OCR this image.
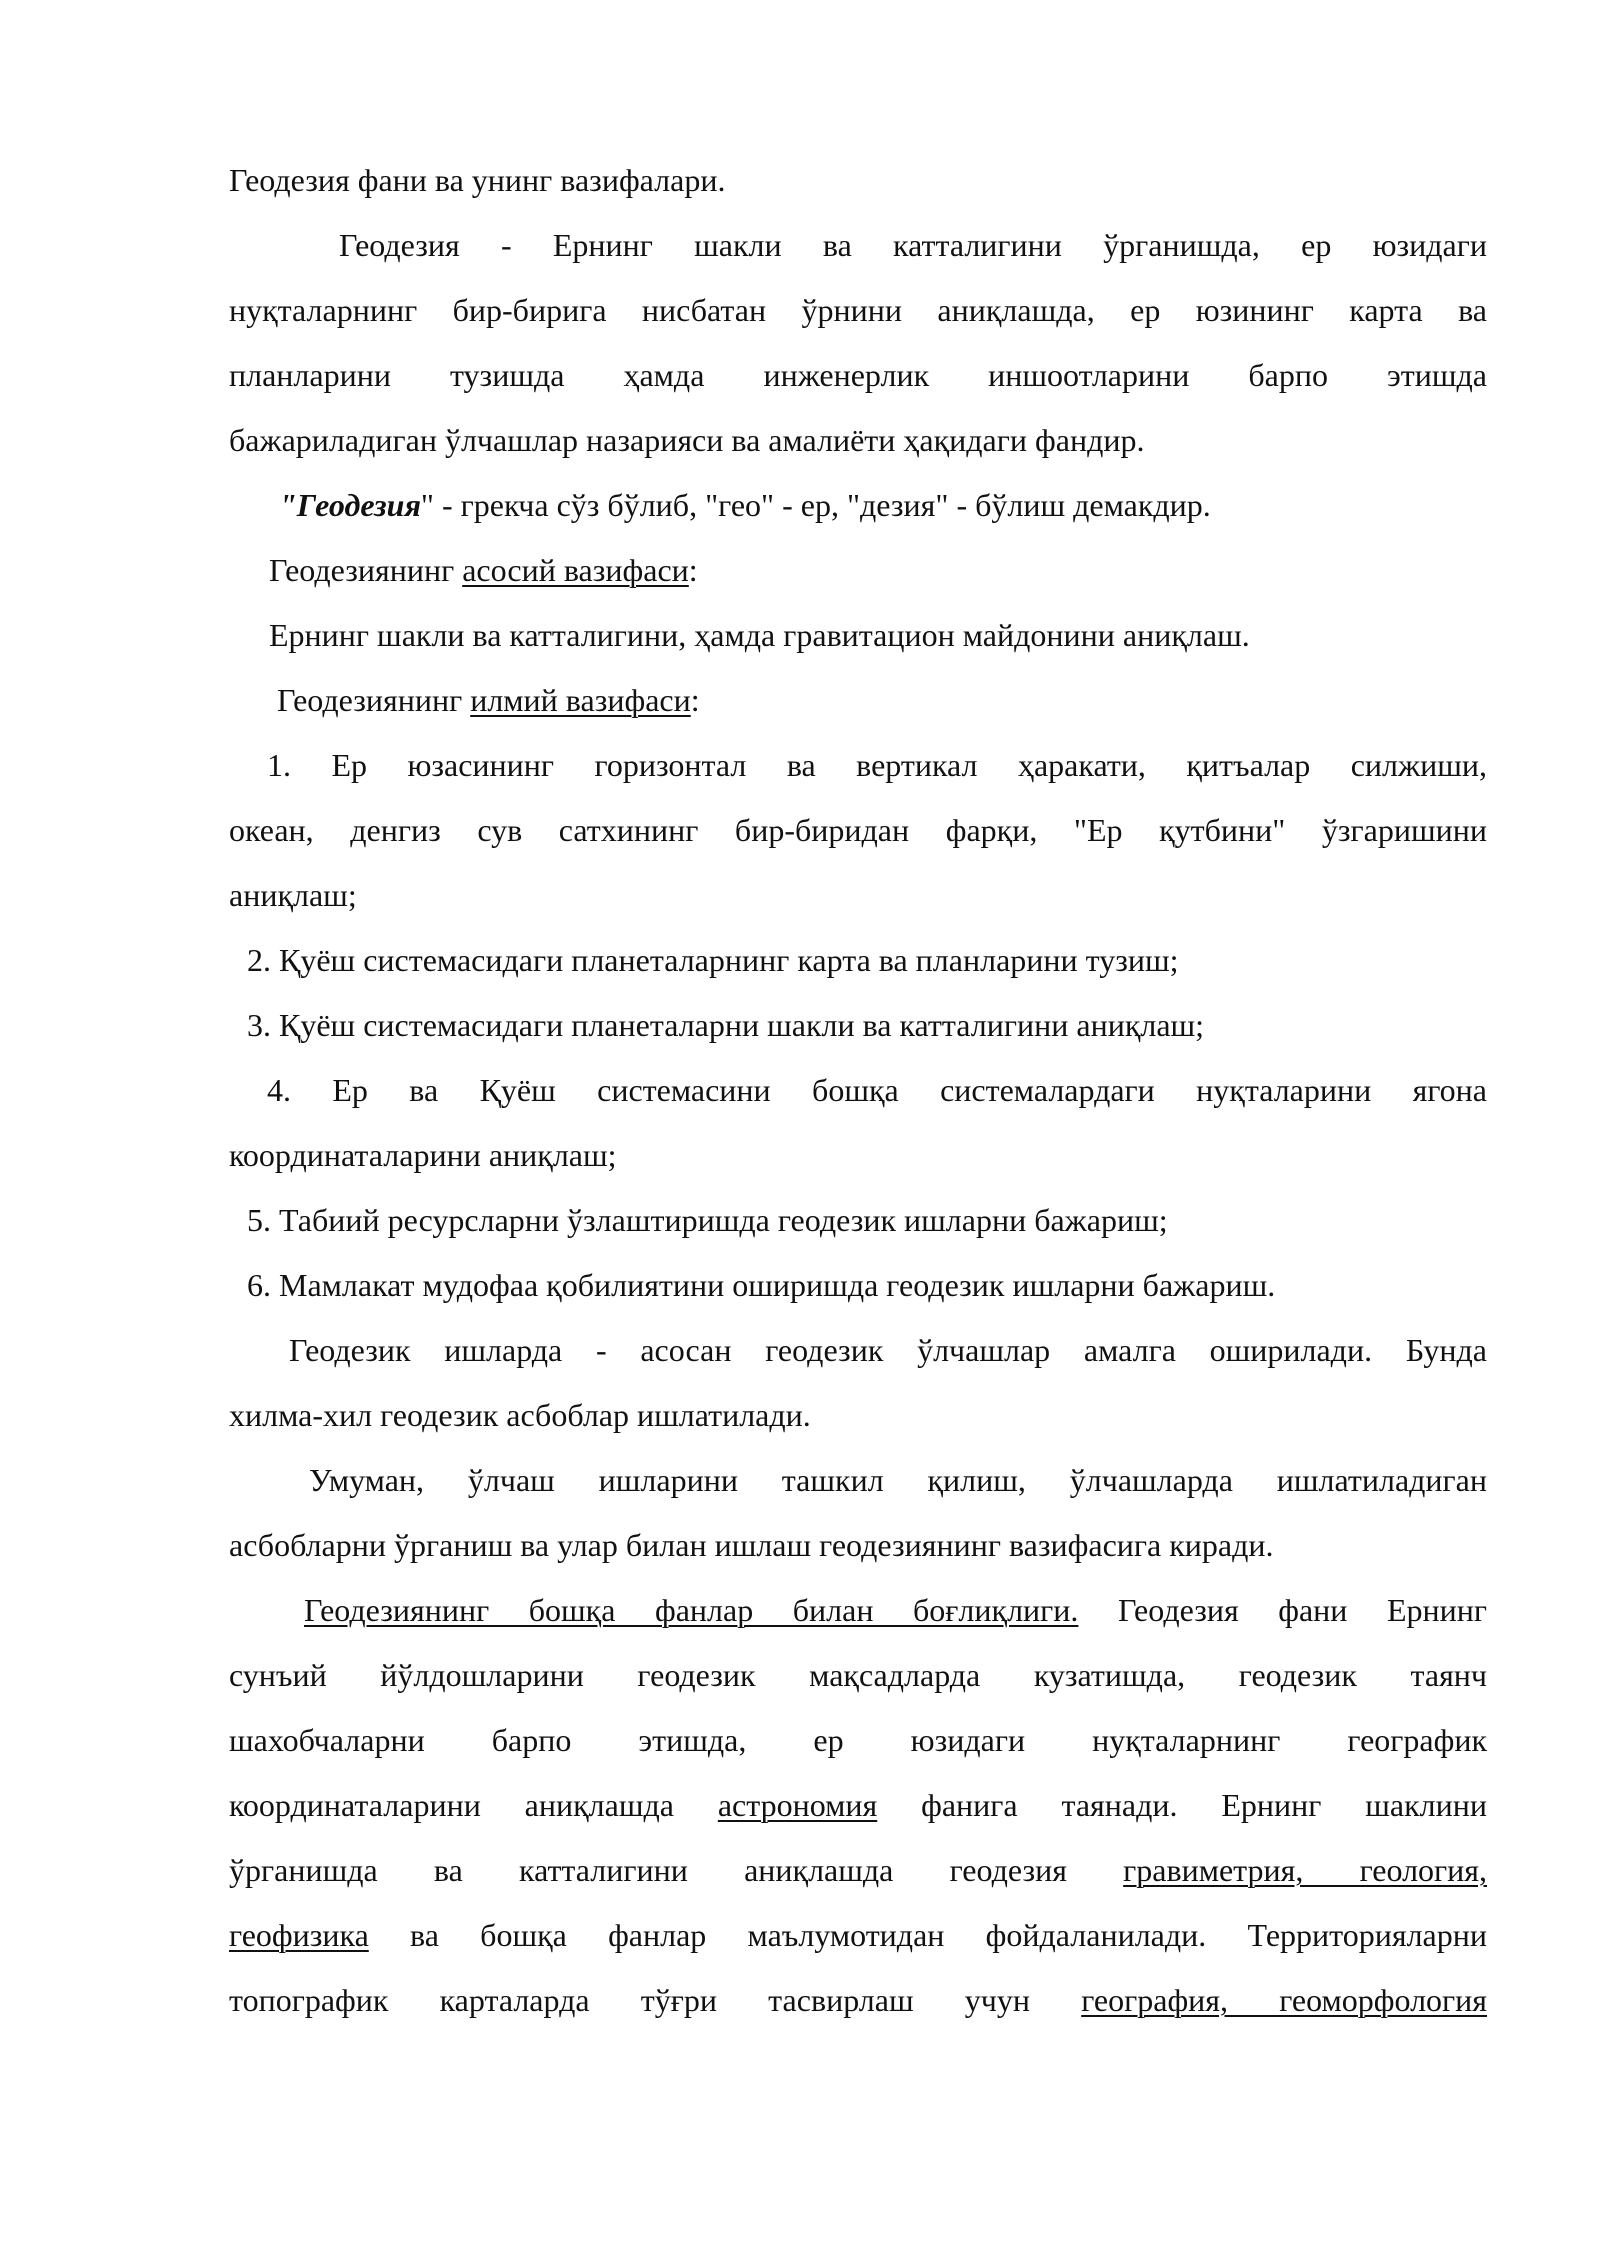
Геодезия фани ва унинг вазифалари.
Геодезия - Ернинг шакли ва катталигини ўрганишда, ер юзидаги
нуқталарнинг бир-бирига нисбатан ўрнини аниқлашда, ер юзининг карта ва
планларини тузишда ҳамда инженерлик иншоотларини барпо этишда
бажариладиган ўлчашлар назарияси ва амалиёти ҳақидаги фандир.
"Геодезия" - грекча сўз бўлиб, "гео" - ер, "дезия" - бўлиш демакдир.
Геодезиянинг асосий вазифаси:
Ернинг шакли ва катталигини, ҳамда гравитацион майдонини аниқлаш.
Геодезиянинг илмий вазифаси:
1. Ер юзасининг горизонтал ва вертикал ҳаракати, қитъалар силжиши,
океан, денгиз сув сатхининг бир-биридан фарқи, "Ер қутбини" ўзгаришини
аниқлаш;
2. Қуёш системасидаги планеталарнинг карта ва планларини тузиш;
3. Қуёш системасидаги планеталарни шакли ва катталигини аниқлаш;
4. Ер ва Қуёш системасини бошқа системалардаги нуқталарини ягона
координаталарини аниқлаш;
5. Табиий ресурсларни ўзлаштиришда геодезик ишларни бажариш;
6. Мамлакат мудофаа қобилиятини оширишда геодезик ишларни бажариш.
Геодезик ишларда - асосан геодезик ўлчашлар амалга оширилади. Бунда
хилма-хил геодезик асбоблар ишлатилади.
Умуман, ўлчаш ишларини ташкил қилиш, ўлчашларда ишлатиладиган
асбобларни ўрганиш ва улар билан ишлаш геодезиянинг вазифасига киради.
Геодезиянинг бошқа фанлар билан боғлиқлиги. Геодезия фани Ернинг
сунъий йўлдошларини геодезик мақсадларда кузатишда, геодезик таянч
шахобчаларни барпо этишда, ер юзидаги нуқталарнинг географик
координаталарини аниқлашда астрономия фанига таянади. Ернинг шаклини
ўрганишда ва катталигини аниқлашда геодезия гравиметрия, геология,
геофизика ва бошқа фанлар маълумотидан фойдаланилади. Территорияларни
топографик карталарда тўғри тасвирлаш учун география, геоморфология
